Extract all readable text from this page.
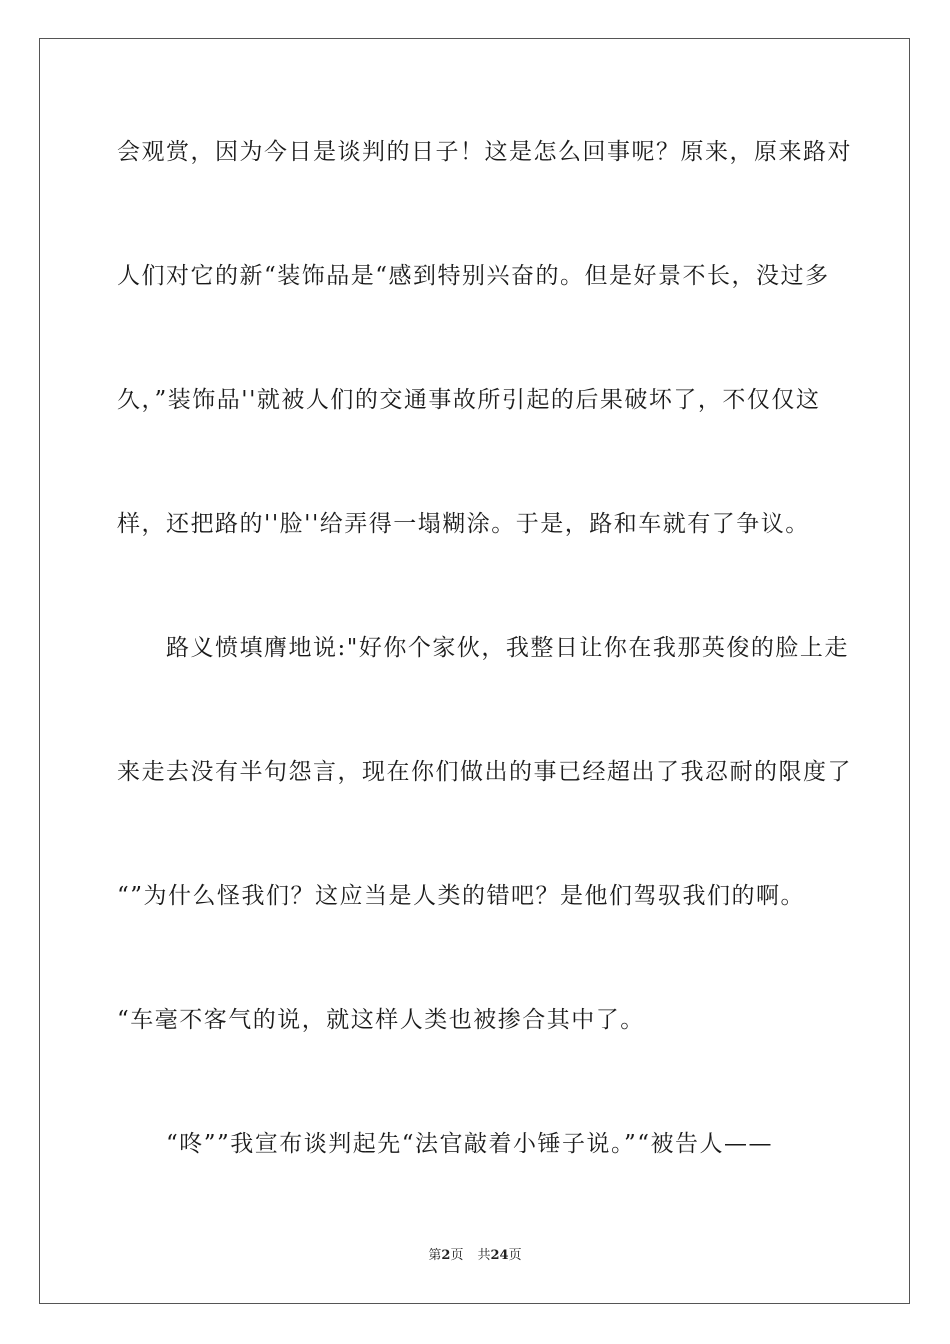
会观赏，因为今日是谈判的日子！这是怎么回事呢？原来，原来路对
人们对它的新“装饰品是“感到特别兴奋的。但是好景不长，没过多
久，”装饰品''就被人们的交通事故所引起的后果破坏了，不仅仅这
样，还把路的''脸''给弄得一塌糊涂。于是，路和车就有了争议。
　　路义愤填膺地说:"好你个家伙，我整日让你在我那英俊的脸上走
来走去没有半句怨言，现在你们做出的事已经超出了我忍耐的限度了
“”为什么怪我们？这应当是人类的错吧？是他们驾驭我们的啊。
“车毫不客气的说，就这样人类也被掺合其中了。
　　“咚””我宣布谈判起先“法官敲着小锤子说。”“被告人——
第2页 共24页
